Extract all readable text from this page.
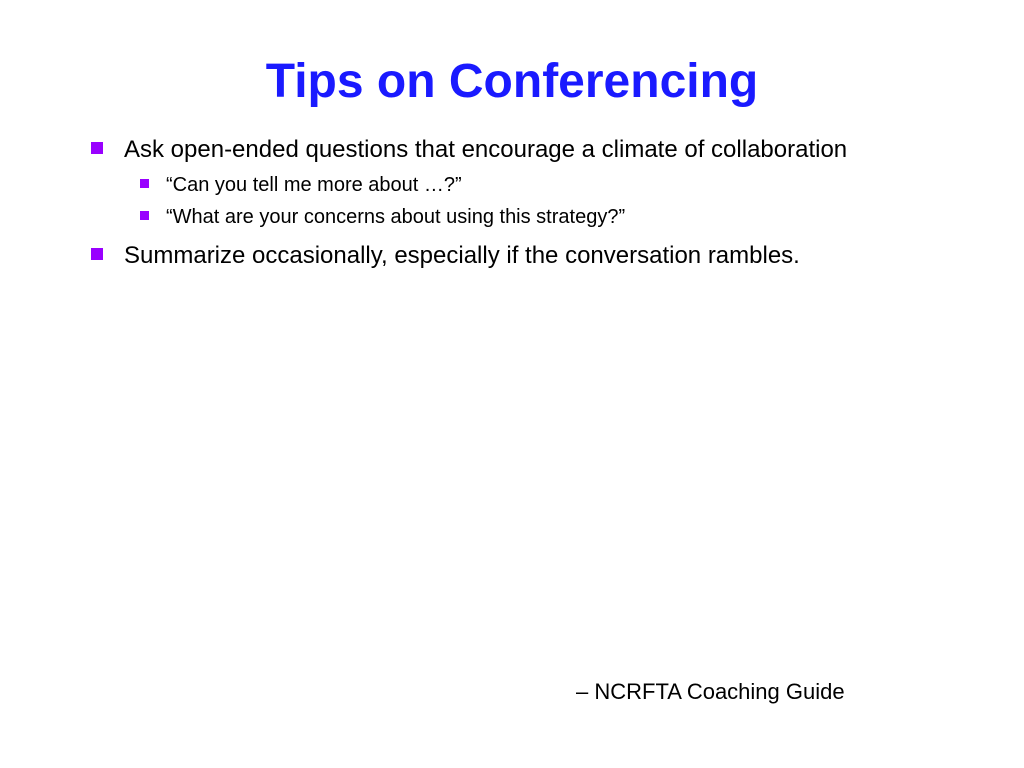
Tips on Conferencing
Ask open-ended questions that encourage a climate of collaboration
“Can you tell me more about …?”
“What are your concerns about using this strategy?”
Summarize occasionally, especially if the conversation rambles.
– NCRFTA Coaching Guide
